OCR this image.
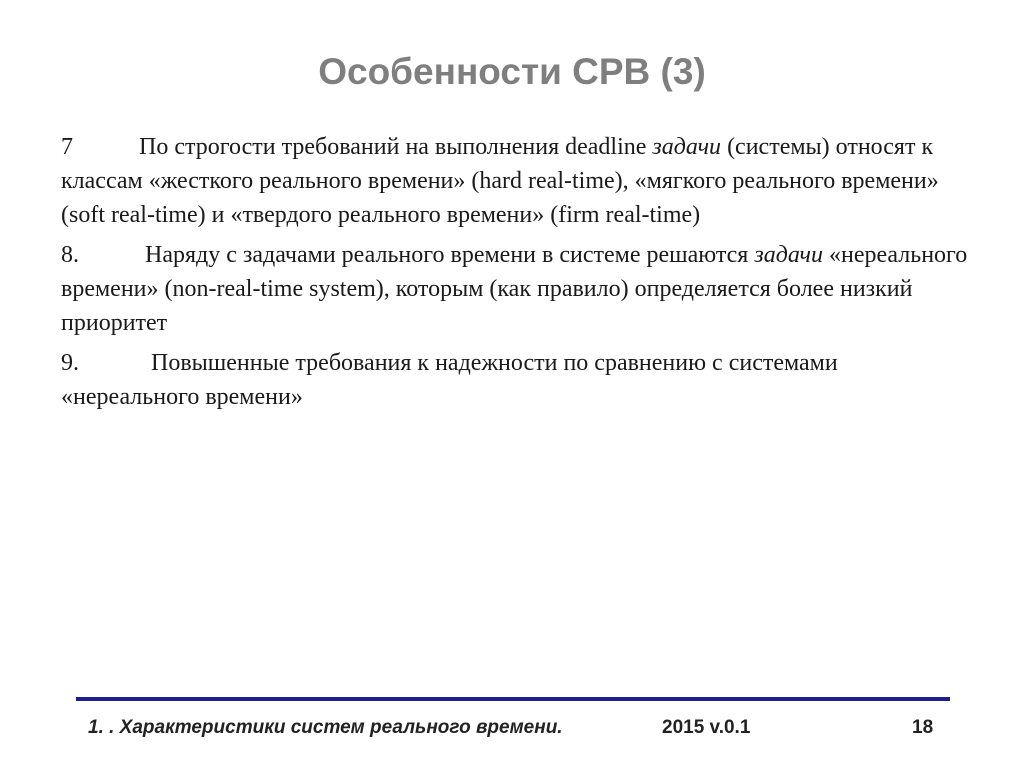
Особенности СРВ (3)

7	По строгости требований на выполнения deadline задачи (системы) относят к классам «жесткого реального времени» (hard real-time), «мягкого реального времени» (soft real-time) и «твердого реального времени» (firm real-time)

8.	Наряду с задачами реального времени в системе решаются задачи «нереального времени» (non-real-time system), которым (как правило) определяется более низкий приоритет

9.	Повышенные требования к надежности по сравнению с системами «нереального времени»

1. . Характеристики систем реального времени.	2015 v.0.1	18
